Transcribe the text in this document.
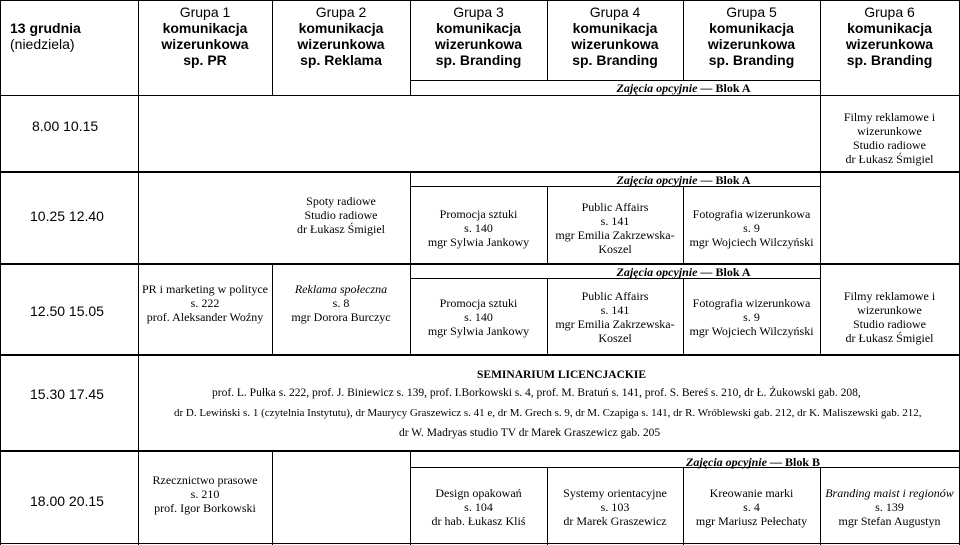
13 grudnia
(niedziela)
Grupa 1
komunikacja
wizerunkowa
sp. PR
Grupa 2
komunikacja
wizerunkowa
sp. Reklama
Grupa 3
komunikacja
wizerunkowa
sp. Branding
Grupa 4
komunikacja
wizerunkowa
sp. Branding
Grupa 5
komunikacja
wizerunkowa
sp. Branding
Grupa 6
komunikacja
wizerunkowa
sp. Branding
Zajęcia opcyjnie — Blok A
8.00 10.15
Filmy reklamowe i
wizerunkowe
Studio radiowe
dr Łukasz Śmigiel
10.25 12.40
Zajęcia opcyjnie — Blok A
Spoty radiowe
Studio radiowe
dr Łukasz Śmigiel
Promocja sztuki
s. 140
mgr Sylwia Jankowy
Public Affairs
s. 141
mgr Emilia Zakrzewska-
Koszel
Fotografia wizerunkowa
s. 9
mgr Wojciech Wilczyński
12.50 15.05
Zajęcia opcyjnie — Blok A
PR i marketing w polityce
s. 222
prof. Aleksander Woźny
Reklama społeczna
s. 8
mgr Dorora Burczyc
Promocja sztuki
s. 140
mgr Sylwia Jankowy
Public Affairs
s. 141
mgr Emilia Zakrzewska-
Koszel
Fotografia wizerunkowa
s. 9
mgr Wojciech Wilczyński
Filmy reklamowe i
wizerunkowe
Studio radiowe
dr Łukasz Śmigiel
15.30 17.45
SEMINARIUM LICENCJACKIE
prof. L. Pułka s. 222, prof. J. Biniewicz s. 139, prof. I.Borkowski s. 4, prof. M. Bratuń s. 141, prof. S. Bereś s. 210, dr Ł. Żukowski gab. 208,
dr D. Lewiński s. 1 (czytelnia Instytutu), dr Maurycy Graszewicz s. 41 e, dr M. Grech s. 9, dr M. Czapiga s. 141, dr R. Wróblewski gab. 212, dr K. Maliszewski gab. 212,
dr W. Madryas studio TV dr Marek Graszewicz gab. 205
18.00 20.15
Zajęcia opcyjnie — Blok B
Rzecznictwo prasowe
s. 210
prof. Igor Borkowski
Design opakowań
s. 104
dr hab. Łukasz Kliś
Systemy orientacyjne
s. 103
dr Marek Graszewicz
Kreowanie marki
s. 4
mgr Mariusz Pełechaty
Branding maist i regionów
s. 139
mgr Stefan Augustyn
